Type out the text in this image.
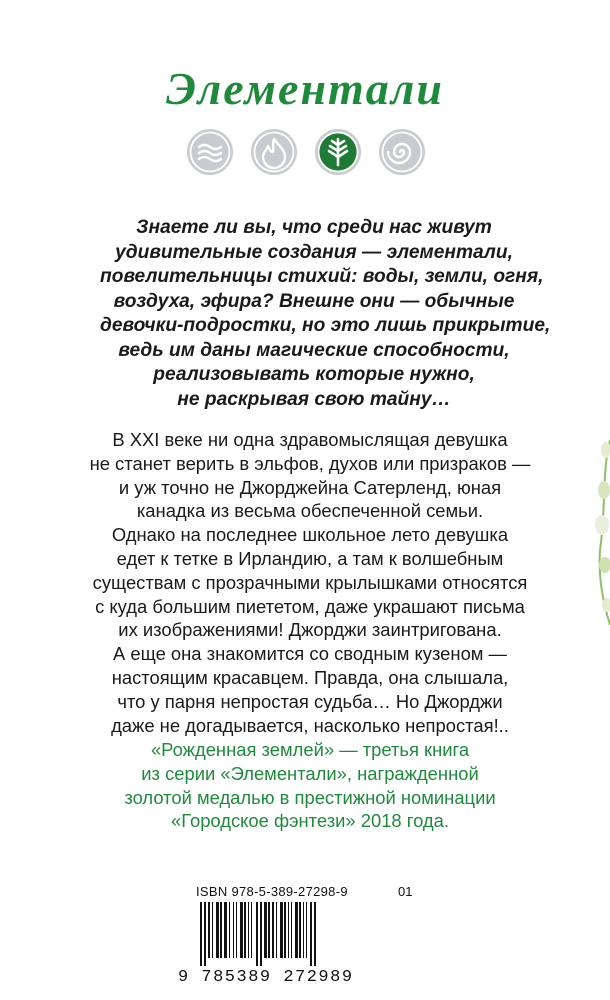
Элементали
Знаете ли вы, что среди нас живут
удивительные создания — элементали,
повелительницы стихий: воды, земли, огня,
воздуха, эфира? Внешне они — обычные
девочки-подростки, но это лишь прикрытие,
ведь им даны магические способности,
реализовывать которые нужно,
не раскрывая свою тайну…
В XXI веке ни одна здравомыслящая девушка
не станет верить в эльфов, духов или призраков —
и уж точно не Джорджейна Сатерленд, юная
канадка из весьма обеспеченной семьи.
Однако на последнее школьное лето девушка
едет к тетке в Ирландию, а там к волшебным
существам с прозрачными крылышками относятся
с куда большим пиететом, даже украшают письма
их изображениями! Джорджи заинтригована.
А еще она знакомится со сводным кузеном —
настоящим красавцем. Правда, она слышала,
что у парня непростая судьба… Но Джорджи
даже не догадывается, насколько непростая!..
«Рожденная землей» — третья книга
из серии «Элементали», награжденной
золотой медалью в престижной номинации
«Городское фэнтези» 2018 года.
ISBN 978-5-389-27298-9	01
9 785389 272989
